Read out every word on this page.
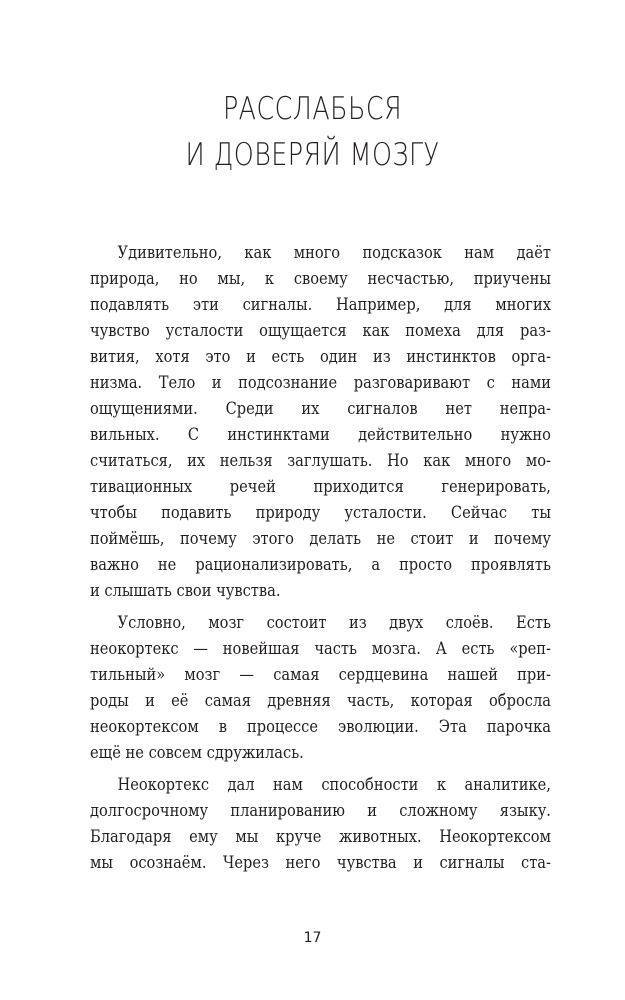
РАССЛАБЬСЯ
И ДОВЕРЯЙ МОЗГУ
Удивительно, как много подсказок нам даёт
природа, но мы, к своему несчастью, приучены
подавлять эти сигналы. Например, для многих
чувство усталости ощущается как помеха для раз-
вития, хотя это и есть один из инстинктов орга-
низма. Тело и подсознание разговаривают с нами
ощущениями. Среди их сигналов нет непра-
вильных. С инстинктами действительно нужно
считаться, их нельзя заглушать. Но как много мо-
тивационных речей приходится генерировать,
чтобы подавить природу усталости. Сейчас ты
поймёшь, почему этого делать не стоит и почему
важно не рационализировать, а просто проявлять
и слышать свои чувства.
Условно, мозг состоит из двух слоёв. Есть
неокортекс — новейшая часть мозга. А есть «реп-
тильный» мозг — самая сердцевина нашей при-
роды и её самая древняя часть, которая обросла
неокортексом в процессе эволюции. Эта парочка
ещё не совсем сдружилась.
Неокортекс дал нам способности к аналитике,
долгосрочному планированию и сложному языку.
Благодаря ему мы круче животных. Неокортексом
мы осознаём. Через него чувства и сигналы ста-
17
